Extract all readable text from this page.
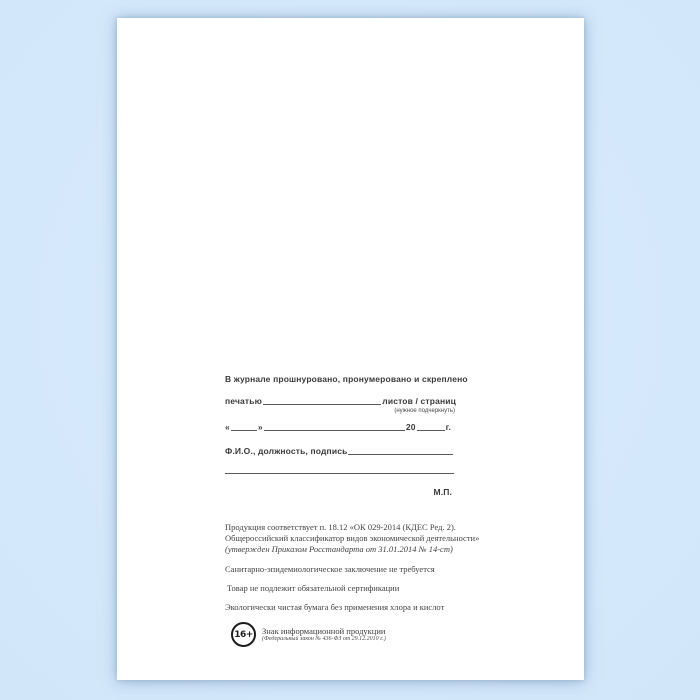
В журнале прошнуровано, пронумеровано и скреплено
печатью	листов / страниц
(нужное подчеркнуть)
«	»	20	г.
Ф.И.О., должность, подпись
М.П.
Продукция соответствует п. 18.12 «ОК 029-2014 (КДЕС Ред. 2).
Общероссийский классификатор видов экономической деятельности»
(утвержден Приказом Росстандарта от 31.01.2014 № 14-ст)
Санитарно-эпидемиологическое заключение не требуется
Товар не подлежит обязательной сертификации
Экологически чистая бумага без применения хлора и кислот
16+ Знак информационной продукции
(Федеральный закон № 436-ФЗ от 29.12.2010 г.)
